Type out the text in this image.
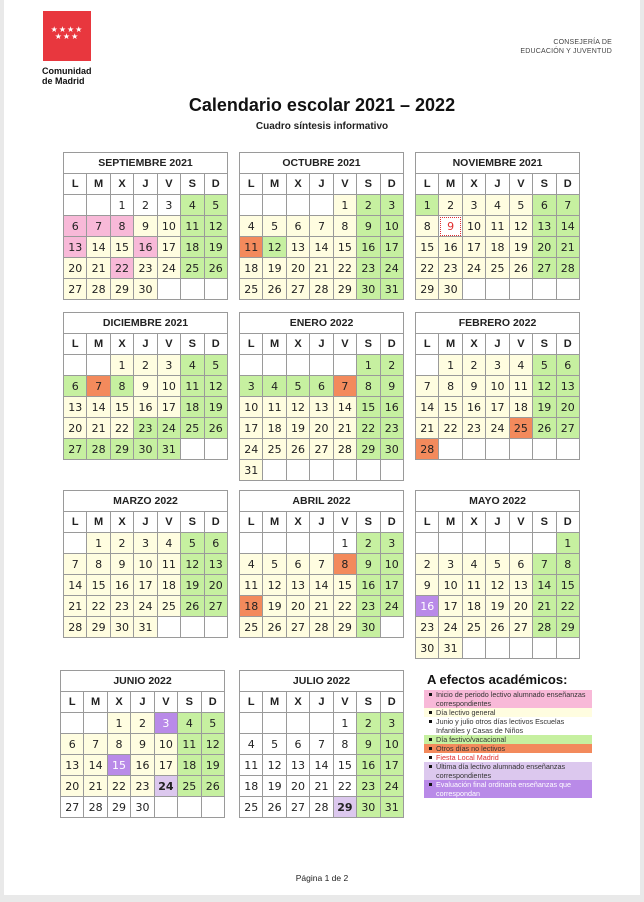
★★★★ ★★★
Comunidad
de Madrid
CONSEJERÍA DE
EDUCACIÓN Y JUVENTUD
Calendario escolar 2021 – 2022
Cuadro síntesis informativo
SEPTIEMBRE 2021						
L	M	X	J	V	S	D
		1	2	3	4	5
6	7	8	9	10	11	12
13	14	15	16	17	18	19
20	21	22	23	24	25	26
27	28	29	30			
OCTUBRE 2021						
L	M	X	J	V	S	D
				1	2	3
4	5	6	7	8	9	10
11	12	13	14	15	16	17
18	19	20	21	22	23	24
25	26	27	28	29	30	31
NOVIEMBRE 2021						
L	M	X	J	V	S	D
1	2	3	4	5	6	7
8	9	10	11	12	13	14
15	16	17	18	19	20	21
22	23	24	25	26	27	28
29	30					
DICIEMBRE 2021						
L	M	X	J	V	S	D
		1	2	3	4	5
6	7	8	9	10	11	12
13	14	15	16	17	18	19
20	21	22	23	24	25	26
27	28	29	30	31		
ENERO 2022						
L	M	X	J	V	S	D
					1	2
3	4	5	6	7	8	9
10	11	12	13	14	15	16
17	18	19	20	21	22	23
24	25	26	27	28	29	30
31						
FEBRERO 2022						
L	M	X	J	V	S	D
	1	2	3	4	5	6
7	8	9	10	11	12	13
14	15	16	17	18	19	20
21	22	23	24	25	26	27
28						
MARZO 2022						
L	M	X	J	V	S	D
	1	2	3	4	5	6
7	8	9	10	11	12	13
14	15	16	17	18	19	20
21	22	23	24	25	26	27
28	29	30	31			
ABRIL 2022						
L	M	X	J	V	S	D
				1	2	3
4	5	6	7	8	9	10
11	12	13	14	15	16	17
18	19	20	21	22	23	24
25	26	27	28	29	30	
MAYO 2022						
L	M	X	J	V	S	D
						1
2	3	4	5	6	7	8
9	10	11	12	13	14	15
16	17	18	19	20	21	22
23	24	25	26	27	28	29
30	31					
JUNIO 2022						
L	M	X	J	V	S	D
		1	2	3	4	5
6	7	8	9	10	11	12
13	14	15	16	17	18	19
20	21	22	23	24	25	26
27	28	29	30			
JULIO 2022						
L	M	X	J	V	S	D
				1	2	3
4	5	6	7	8	9	10
11	12	13	14	15	16	17
18	19	20	21	22	23	24
25	26	27	28	29	30	31
A efectos académicos:
Inicio de periodo lectivo alumnado enseñanzas correspondientes
Día lectivo general
Junio y julio otros días lectivos Escuelas Infantiles y Casas de Niños
Día festivo/vacacional
Otros días no lectivos
Fiesta Local Madrid
Última día lectivo alumnado enseñanzas correspondientes
Evaluación final ordinaria enseñanzas que correspondan
Página 1 de 2
